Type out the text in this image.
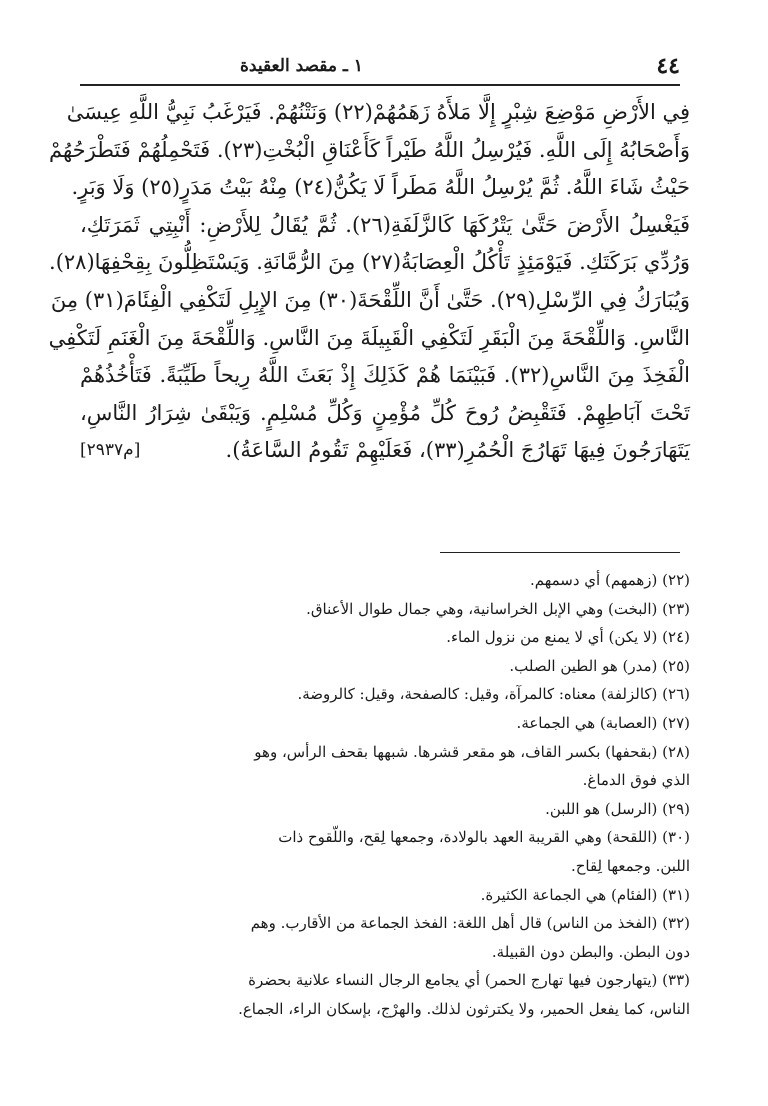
٤٤
١ ـ مقصد العقيدة
فِي الأَرْضِ مَوْضِعَ شِبْرٍ إِلَّا مَلأَهُ زَهَمُهُمْ(٢٢) وَنَتْنُهُمْ. فَيَرْغَبُ نَبِيُّ اللَّهِ عِيسَىٰ
وَأَصْحَابُهُ إِلَى اللَّهِ. فَيُرْسِلُ اللَّهُ طَيْراً كَأَعْنَاقِ الْبُخْتِ(٢٣). فَتَحْمِلُهُمْ فَتَطْرَحُهُمْ
حَيْثُ شَاءَ اللَّهُ. ثُمَّ يُرْسِلُ اللَّهُ مَطَراً لَا يَكُنُّ(٢٤) مِنْهُ بَيْتُ مَدَرٍ(٢٥) وَلَا وَبَرٍ.
فَيَغْسِلُ الأَرْضَ حَتَّىٰ يَتْرُكَهَا كَالزَّلَفَةِ(٢٦). ثُمَّ يُقَالُ لِلأَرْضِ: أَنْبِتِي ثَمَرَتَكِ،
وَرُدِّي بَرَكَتَكِ. فَيَوْمَئِذٍ تَأْكُلُ الْعِصَابَةُ(٢٧) مِنَ الرُّمَّانَةِ. وَيَسْتَظِلُّونَ بِقِحْفِهَا(٢٨).
وَيُبَارَكُ فِي الرِّسْلِ(٢٩). حَتَّىٰ أَنَّ اللِّقْحَةَ(٣٠) مِنَ الإِبِلِ لَتَكْفِي الْفِئَامَ(٣١) مِنَ
النَّاسِ. وَاللِّقْحَةَ مِنَ الْبَقَرِ لَتَكْفِي الْقَبِيلَةَ مِنَ النَّاسِ. وَاللِّقْحَةَ مِنَ الْغَنَمِ لَتَكْفِي
الْفَخِذَ مِنَ النَّاسِ(٣٢). فَبَيْنَمَا هُمْ كَذَلِكَ إِذْ بَعَثَ اللَّهُ رِيحاً طَيِّبَةً. فَتَأْخُذُهُمْ
تَحْتَ آبَاطِهِمْ. فَتَقْبِضُ رُوحَ كُلِّ مُؤْمِنٍ وَكُلِّ مُسْلِمٍ. وَيَبْقَىٰ شِرَارُ النَّاسِ،
يَتَهَارَجُونَ فِيهَا تَهَارُجَ الْحُمُرِ(٣٣)، فَعَلَيْهِمْ تَقُومُ السَّاعَةُ).
[م٢٩٣٧]
(٢٢) (زهمهم) أي دسمهم.
(٢٣) (البخت) وهي الإبل الخراسانية، وهي جمال طوال الأعناق.
(٢٤) (لا يكن) أي لا يمنع من نزول الماء.
(٢٥) (مدر) هو الطين الصلب.
(٢٦) (كالزلفة) معناه: كالمرآة، وقيل: كالصفحة، وقيل: كالروضة.
(٢٧) (العصابة) هي الجماعة.
(٢٨) (بقحفها) بكسر القاف، هو مقعر قشرها. شبهها بقحف الرأس، وهو
الذي فوق الدماغ.
(٢٩) (الرسل) هو اللبن.
(٣٠) (اللقحة) وهي القريبة العهد بالولادة، وجمعها لِقح، واللّقوح ذات
اللبن. وجمعها لِقاح.
(٣١) (الفئام) هي الجماعة الكثيرة.
(٣٢) (الفخذ من الناس) قال أهل اللغة: الفخذ الجماعة من الأقارب. وهم
دون البطن. والبطن دون القبيلة.
(٣٣) (يتهارجون فيها تهارج الحمر) أي يجامع الرجال النساء علانية بحضرة
الناس، كما يفعل الحمير، ولا يكترثون لذلك. والهرْج، بإسكان الراء، الجماع.
